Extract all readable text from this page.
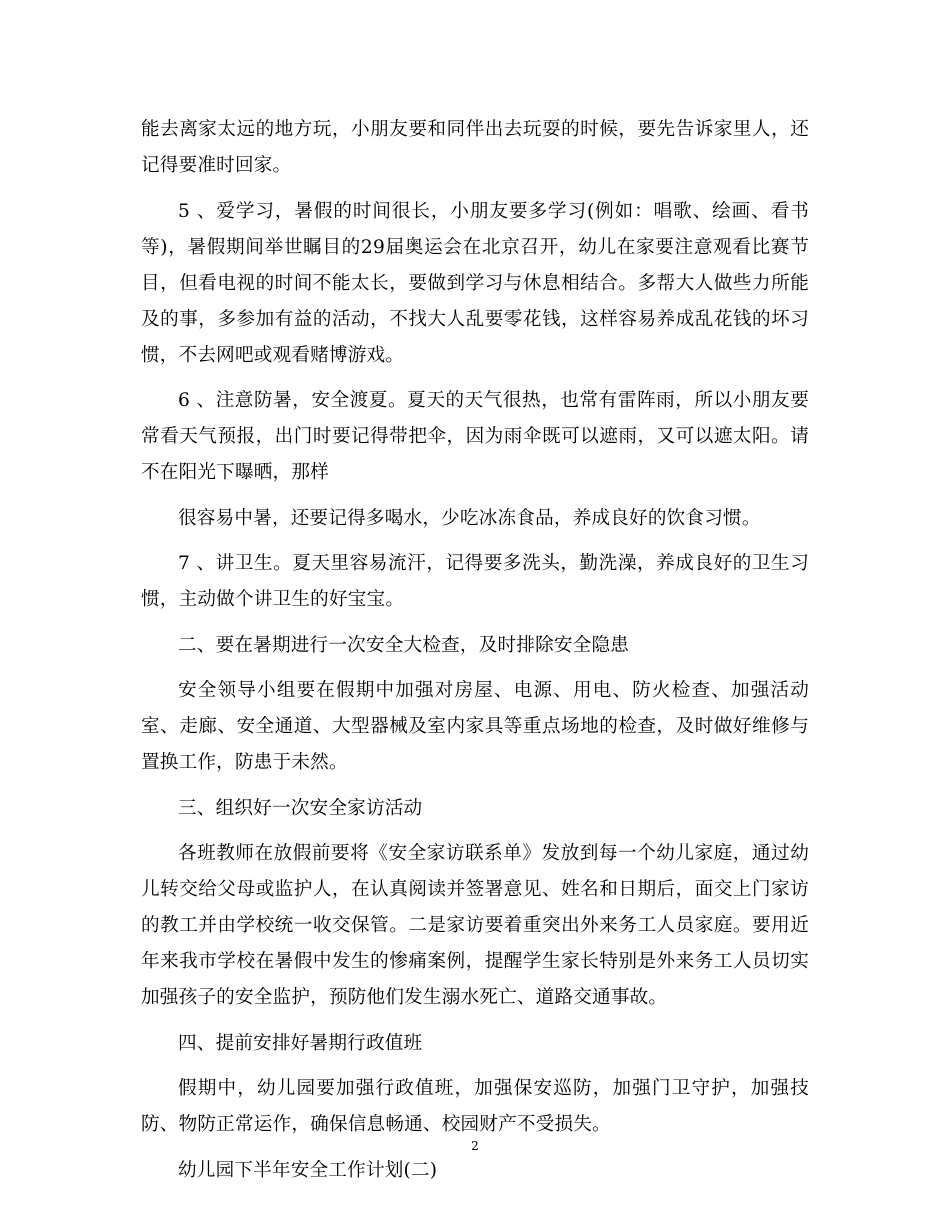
能去离家太远的地方玩，小朋友要和同伴出去玩耍的时候，要先告诉家里人，还记得要准时回家。

5 、爱学习，暑假的时间很长，小朋友要多学习(例如：唱歌、绘画、看书等)，暑假期间举世瞩目的29届奥运会在北京召开，幼儿在家要注意观看比赛节目，但看电视的时间不能太长，要做到学习与休息相结合。多帮大人做些力所能及的事，多参加有益的活动，不找大人乱要零花钱，这样容易养成乱花钱的坏习惯，不去网吧或观看赌博游戏。

6 、注意防暑，安全渡夏。夏天的天气很热，也常有雷阵雨，所以小朋友要常看天气预报，出门时要记得带把伞，因为雨伞既可以遮雨，又可以遮太阳。请不在阳光下曝晒，那样

很容易中暑，还要记得多喝水，少吃冰冻食品，养成良好的饮食习惯。

7 、讲卫生。夏天里容易流汗，记得要多洗头，勤洗澡，养成良好的卫生习惯，主动做个讲卫生的好宝宝。

二、要在暑期进行一次安全大检查，及时排除安全隐患

安全领导小组要在假期中加强对房屋、电源、用电、防火检查、加强活动室、走廊、安全通道、大型器械及室内家具等重点场地的检查，及时做好维修与置换工作，防患于未然。

三、组织好一次安全家访活动

各班教师在放假前要将《安全家访联系单》发放到每一个幼儿家庭，通过幼儿转交给父母或监护人，在认真阅读并签署意见、姓名和日期后，面交上门家访的教工并由学校统一收交保管。二是家访要着重突出外来务工人员家庭。要用近年来我市学校在暑假中发生的惨痛案例，提醒学生家长特别是外来务工人员切实加强孩子的安全监护，预防他们发生溺水死亡、道路交通事故。

四、提前安排好暑期行政值班

假期中，幼儿园要加强行政值班，加强保安巡防，加强门卫守护，加强技防、物防正常运作，确保信息畅通、校园财产不受损失。

幼儿园下半年安全工作计划(二)

2
